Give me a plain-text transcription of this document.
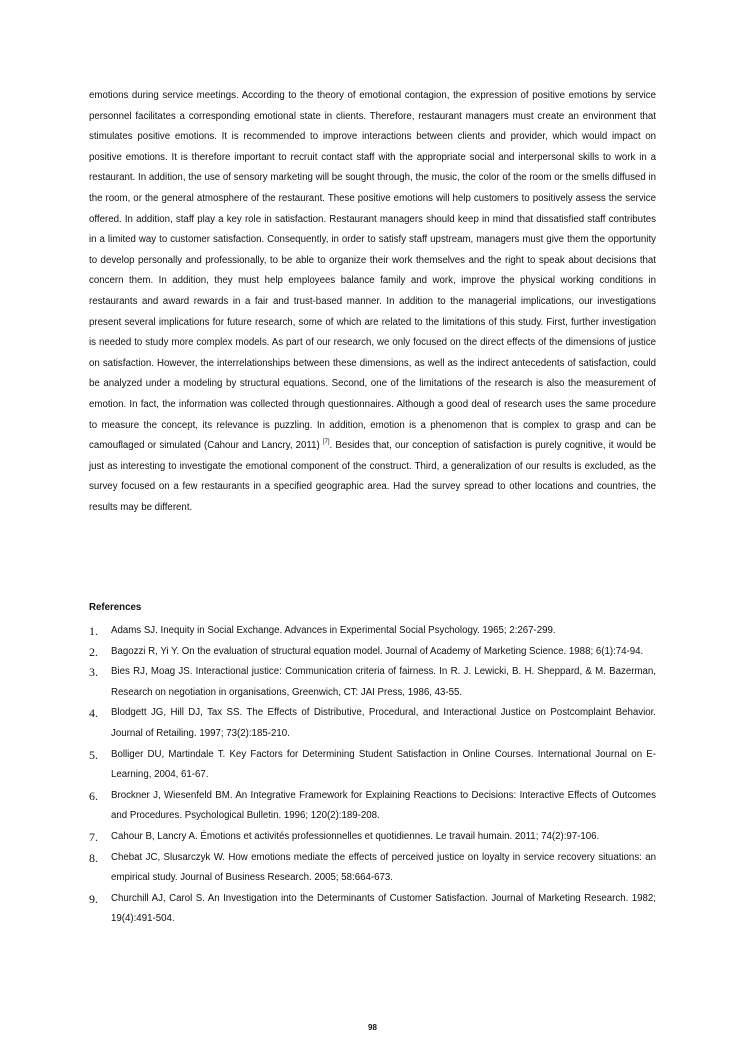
emotions during service meetings. According to the theory of emotional contagion, the expression of positive emotions by service personnel facilitates a corresponding emotional state in clients. Therefore, restaurant managers must create an environment that stimulates positive emotions. It is recommended to improve interactions between clients and provider, which would impact on positive emotions. It is therefore important to recruit contact staff with the appropriate social and interpersonal skills to work in a restaurant. In addition, the use of sensory marketing will be sought through, the music, the color of the room or the smells diffused in the room, or the general atmosphere of the restaurant. These positive emotions will help customers to positively assess the service offered. In addition, staff play a key role in satisfaction. Restaurant managers should keep in mind that dissatisfied staff contributes in a limited way to customer satisfaction. Consequently, in order to satisfy staff upstream, managers must give them the opportunity to develop personally and professionally, to be able to organize their work themselves and the right to speak about decisions that concern them. In addition, they must help employees balance family and work, improve the physical working conditions in restaurants and award rewards in a fair and trust-based manner. In addition to the managerial implications, our investigations present several implications for future research, some of which are related to the limitations of this study. First, further investigation is needed to study more complex models. As part of our research, we only focused on the direct effects of the dimensions of justice on satisfaction. However, the interrelationships between these dimensions, as well as the indirect antecedents of satisfaction, could be analyzed under a modeling by structural equations. Second, one of the limitations of the research is also the measurement of emotion. In fact, the information was collected through questionnaires. Although a good deal of research uses the same procedure to measure the concept, its relevance is puzzling. In addition, emotion is a phenomenon that is complex to grasp and can be camouflaged or simulated (Cahour and Lancry, 2011) [7]. Besides that, our conception of satisfaction is purely cognitive, it would be just as interesting to investigate the emotional component of the construct. Third, a generalization of our results is excluded, as the survey focused on a few restaurants in a specified geographic area. Had the survey spread to other locations and countries, the results may be different.

References
1. Adams SJ. Inequity in Social Exchange. Advances in Experimental Social Psychology. 1965; 2:267-299.
2. Bagozzi R, Yi Y. On the evaluation of structural equation model. Journal of Academy of Marketing Science. 1988; 6(1):74-94.
3. Bies RJ, Moag JS. Interactional justice: Communication criteria of fairness. In R. J. Lewicki, B. H. Sheppard, & M. Bazerman, Research on negotiation in organisations, Greenwich, CT: JAI Press, 1986, 43-55.
4. Blodgett JG, Hill DJ, Tax SS. The Effects of Distributive, Procedural, and Interactional Justice on Postcomplaint Behavior. Journal of Retailing. 1997; 73(2):185-210.
5. Bolliger DU, Martindale T. Key Factors for Determining Student Satisfaction in Online Courses. International Journal on E-Learning, 2004, 61-67.
6. Brockner J, Wiesenfeld BM. An Integrative Framework for Explaining Reactions to Decisions: Interactive Effects of Outcomes and Procedures. Psychological Bulletin. 1996; 120(2):189-208.
7. Cahour B, Lancry A. Émotions et activités professionnelles et quotidiennes. Le travail humain. 2011; 74(2):97-106.
8. Chebat JC, Slusarczyk W. How emotions mediate the effects of perceived justice on loyalty in service recovery situations: an empirical study. Journal of Business Research. 2005; 58:664-673.
9. Churchill AJ, Carol S. An Investigation into the Determinants of Customer Satisfaction. Journal of Marketing Research. 1982; 19(4):491-504.
98
